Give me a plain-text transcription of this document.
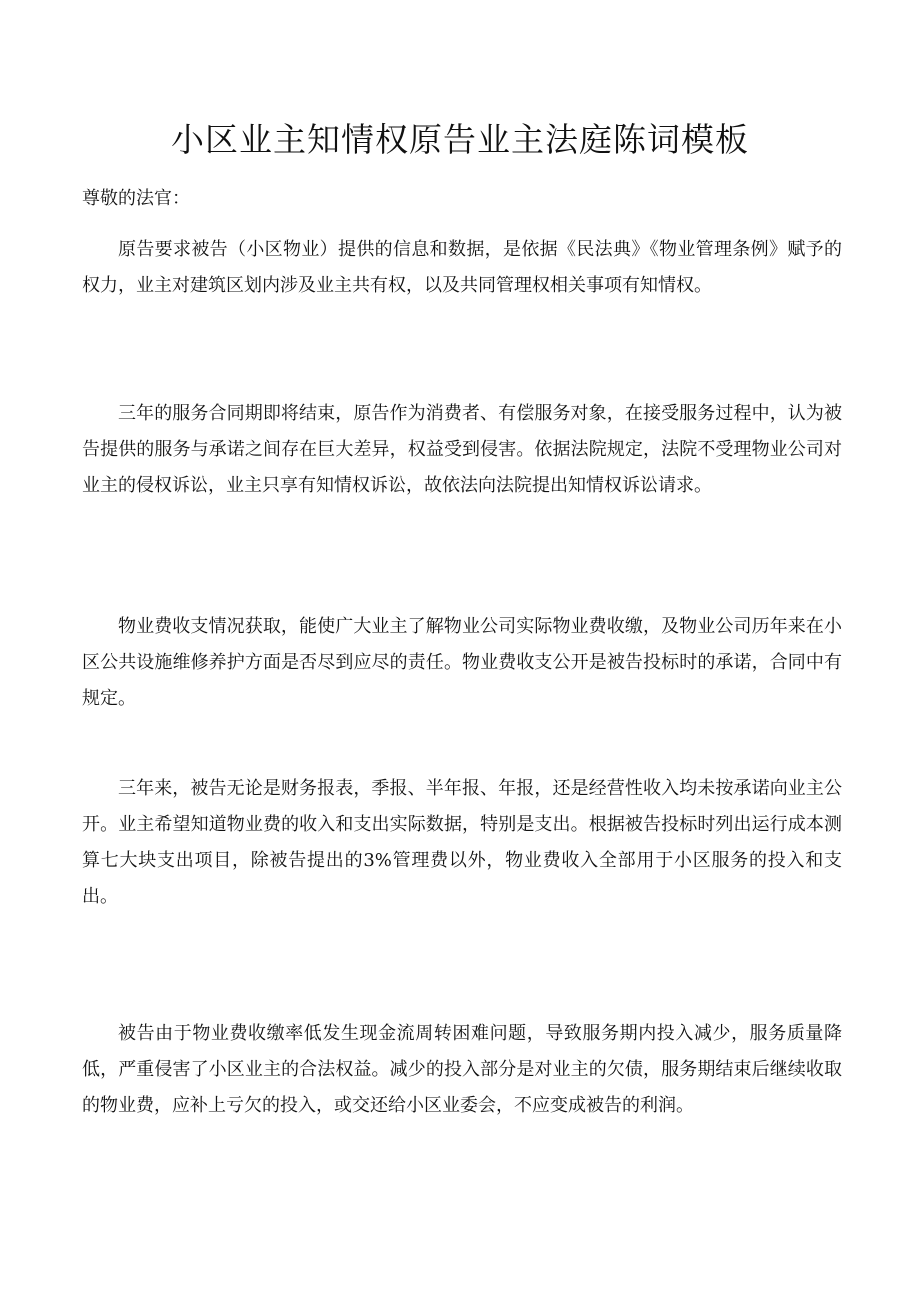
小区业主知情权原告业主法庭陈词模板

尊敬的法官：

原告要求被告（小区物业）提供的信息和数据，是依据《民法典》《物业管理条例》赋予的权力，业主对建筑区划内涉及业主共有权，以及共同管理权相关事项有知情权。

三年的服务合同期即将结束，原告作为消费者、有偿服务对象，在接受服务过程中，认为被告提供的服务与承诺之间存在巨大差异，权益受到侵害。依据法院规定，法院不受理物业公司对业主的侵权诉讼，业主只享有知情权诉讼，故依法向法院提出知情权诉讼请求。

物业费收支情况获取，能使广大业主了解物业公司实际物业费收缴，及物业公司历年来在小区公共设施维修养护方面是否尽到应尽的责任。物业费收支公开是被告投标时的承诺，合同中有规定。

三年来，被告无论是财务报表，季报、半年报、年报，还是经营性收入均未按承诺向业主公开。业主希望知道物业费的收入和支出实际数据，特别是支出。根据被告投标时列出运行成本测算七大块支出项目，除被告提出的3%管理费以外，物业费收入全部用于小区服务的投入和支出。

被告由于物业费收缴率低发生现金流周转困难问题，导致服务期内投入减少，服务质量降低，严重侵害了小区业主的合法权益。减少的投入部分是对业主的欠债，服务期结束后继续收取的物业费，应补上亏欠的投入，或交还给小区业委会，不应变成被告的利润。
